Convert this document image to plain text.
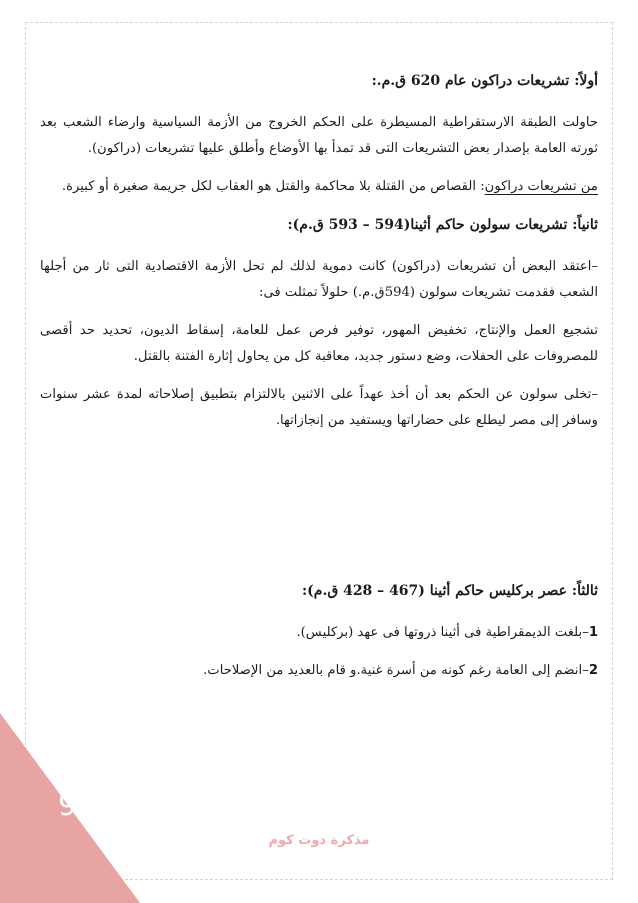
أولاً: تشريعات دراكون عام 620 ق.م.:

حاولت الطبقة الارستقراطية المسيطرة على الحكم الخروج من الأزمة السياسية وارضاء الشعب بعد ثورته العامة بإصدار بعض التشريعات التى قد تمدأ بها الأوضاع وأطلق عليها تشريعات (دراكون).

من تشريعات دراكون: القصاص من القتلة بلا محاكمة والقتل هو العقاب لكل جريمة صغيرة أو كبيرة.

ثانياً: تشريعات سولون حاكم أثينا(594 – 593 ق.م):

–اعتقد البعض أن تشريعات (دراكون) كانت دموية لذلك لم تحل الأزمة الاقتصادية التى ثار من أجلها الشعب فقدمت تشريعات سولون (594ق.م.) حلولاً تمثلت فى:

تشجيع العمل والإنتاج، تخفيض المهور، توفير فرص عمل للعامة، إسقاط الديون، تحديد حد أقصى للمصروفات على الحفلات، وضع دستور جديد، معاقبة كل من يحاول إثارة الفتنة بالقتل.

–تخلى سولون عن الحكم بعد أن أخذ عهداً على الاثنين بالالتزام بتطبيق إصلاحاته لمدة عشر سنوات وسافر إلى مصر ليطلع على حضاراتها ويستفيد من إنجازاتها.

ثالثاً: عصر بركليس حاكم أثينا (467 – 428 ق.م):

1–بلغت الديمقراطية فى أثينا ذروتها فى عهد (بركليس).

2–انضم إلى العامة رغم كونه من أسرة غنية.و قام بالعديد من الإصلاحات.

97
مذكرة دوت كوم
